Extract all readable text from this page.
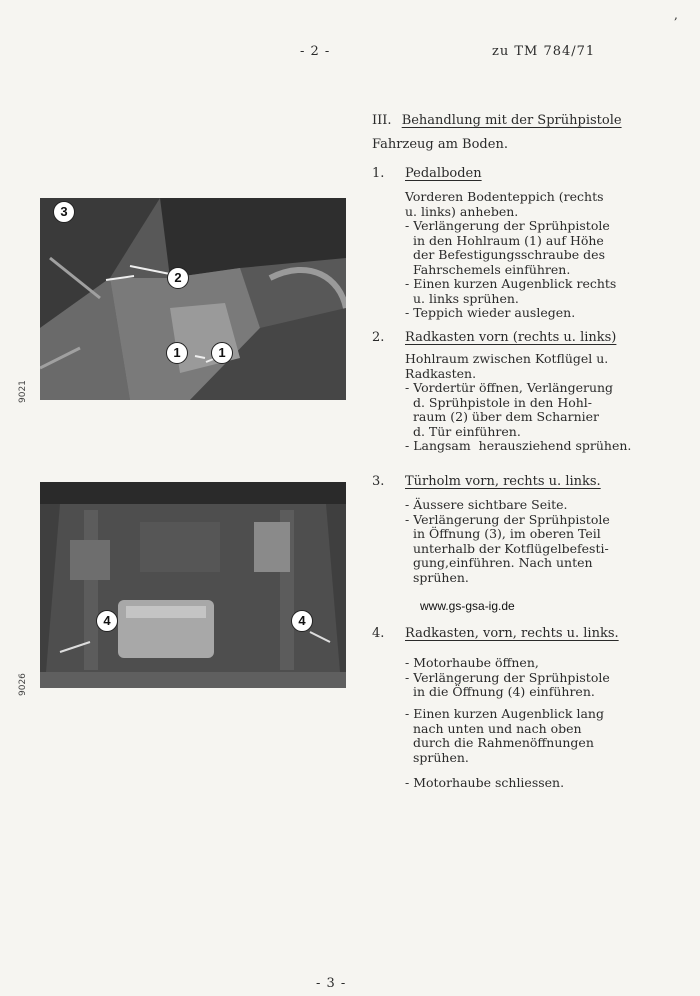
- 2 -	zu TM 784/71
,
III. Behandlung mit der Sprühpistole
Fahrzeug am Boden.
1. Pedalboden
Vorderen Bodenteppich (rechts
u. links) anheben.
- Verlängerung der Sprühpistole
in den Hohlraum (1) auf Höhe
der Befestigungsschraube des
Fahrschemels einführen.
- Einen kurzen Augenblick rechts
u. links sprühen.
- Teppich wieder auslegen.
2. Radkasten vorn (rechts u. links)
Hohlraum zwischen Kotflügel u.
Radkasten.
- Vordertür öffnen, Verlängerung
d. Sprühpistole in den Hohl-
raum (2) über dem Scharnier
d. Tür einführen.
- Langsam  herausziehend sprühen.
3. Türholm vorn, rechts u. links.
- Äussere sichtbare Seite.
- Verlängerung der Sprühpistole
in Öffnung (3), im oberen Teil
unterhalb der Kotflügelbefesti-
gung,einführen. Nach unten
sprühen.
www.gs-gsa-ig.de
4. Radkasten, vorn, rechts u. links.
- Motorhaube öffnen,
- Verlängerung der Sprühpistole
in die Öffnung (4) einführen.
- Einen kurzen Augenblick lang
nach unten und nach oben
durch die Rahmenöffnungen
sprühen.
- Motorhaube schliessen.
3
2
1	1
9021
4	4
9026
- 3 -
